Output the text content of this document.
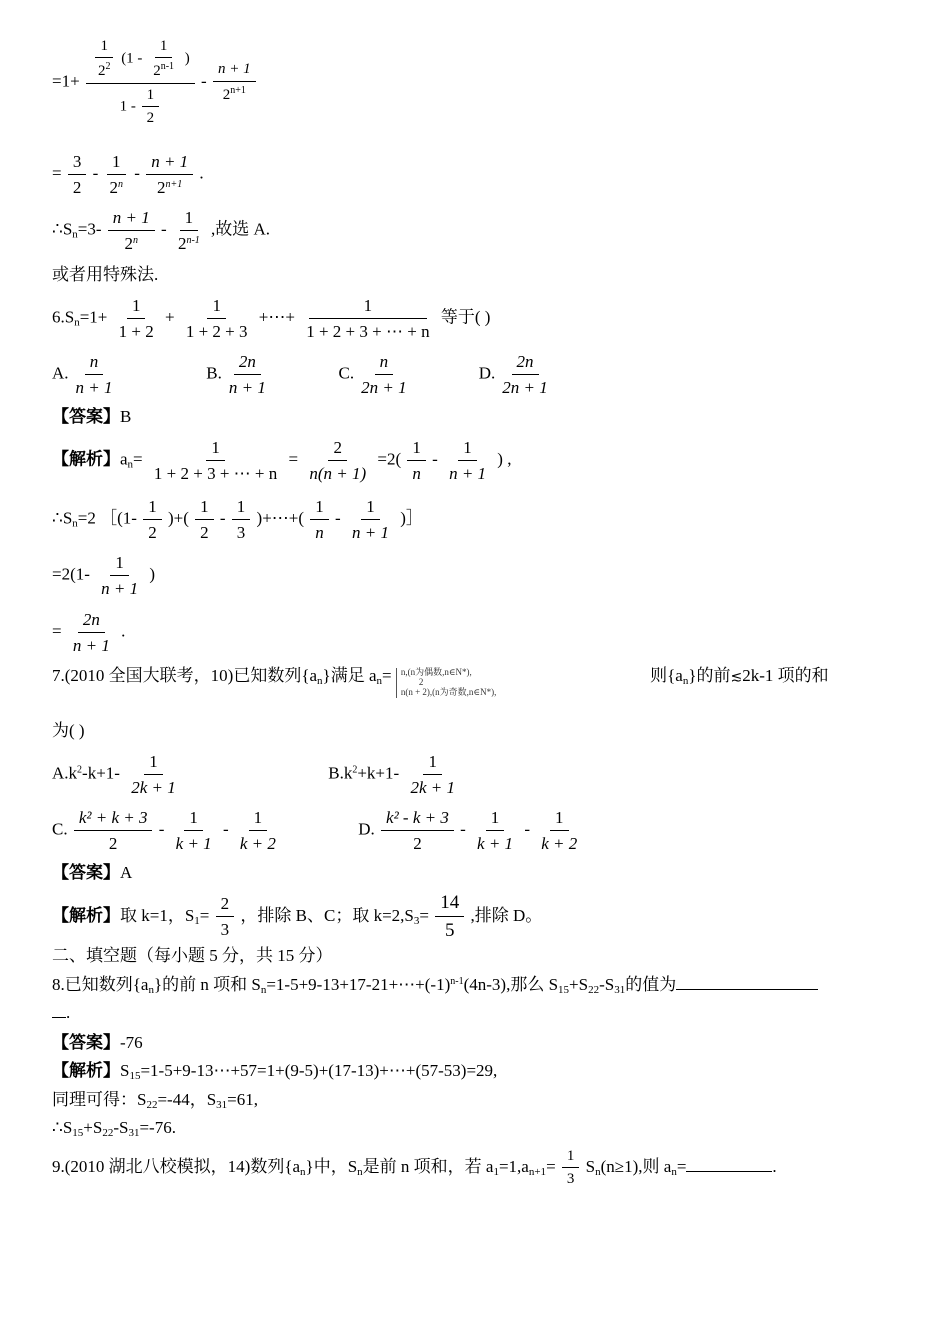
=1+
$\frac{1}{2^2} (1 - \frac{1}{2^{n-1}}$ )
$1 - \frac{1}{2}$
- $\frac{n + 1}{2^{n+1}}$
= $\frac{3}{2} - \frac{1}{2^n} - \frac{n + 1}{2^{n+1}}$ .
$\therefore S_n=3- \frac{n + 1}{2^n} - \frac{1}{2^{n-1}}$ ,故选 A.
或者用特殊法.
$6.S_n=1+ \frac{1}{1 + 2} + \frac{1}{1 + 2 + 3}$ +⋯+ $\frac{1}{1 + 2 + 3 + \cdots + n}$ 等于( )
A. $\frac{n}{n + 1}$	B. $\frac{2n}{n + 1}$	C. $\frac{n}{2n + 1}$	D. $\frac{2n}{2n + 1}$
【答案】B
【解析】$a_n= \frac{1}{1 + 2 + 3 + \cdots + n} = \frac{2}{n(n + 1)} =2( \frac{1}{n} - \frac{1}{n + 1}$ ) ,
$\therefore S_n=2$ ［(1- $\frac{1}{2}$ )+( $\frac{1}{2} - \frac{1}{3}$ )+⋯+( $\frac{1}{n} - \frac{1}{n + 1}$ )］
$=2(1- \frac{1}{n + 1}$ )
= $\frac{2n}{n + 1}$ .
7.(2010 全国大联考，10)已知数列$\{a_n\}$满足 $a_n= n,(n$为偶数,n∈N*),
2
n(n + 2),(n为奇数,n∈N*),
则$\{a_n\}$的前≲2k-1 项的和
为( )
$A.k^2-k+1- \frac{1}{2k + 1}$	$B.k^2+k+1- \frac{1}{2k + 1}$
C. $\frac{\text{k² + k + 3}}{2} - \frac{1}{k + 1} - \frac{1}{k + 2}$	D. $\frac{\text{k² - k + 3}}{2} - \frac{1}{k + 1} - \frac{1}{k + 2}$
【答案】A
【解析】取 k=1，$S_1= \frac{2}{3}$ ，排除 B、C；取 $k=2,S_3= \frac{14}{5}$ ,排除 D。
二、填空题（每小题 5 分，共 15 分）
8.已知数列$\{a_n\}$的前 n 项和 $S_n=1-5+9-13+17-21+\cdots+(-1)^{n-1}(4n-3)$,那么 $S_{15}+S_{22}-S_{31}$的值为
.
【答案】-76
【解析】$S_{15}=1-5+9-13\cdots+57=1+(9-5)+(17-13)+\cdots+(57-53)=29$,
同理可得：$S_{22}=-44$，$S_{31}=61$,
$\therefore S_{15}+S_{22}-S_{31}=-76$.
9.(2010 湖北八校模拟，14)数列$\{a_n\}$中，$S_n$是前 n 项和，若 $a_1=1,a_{n+1}= \frac{1}{3} S_n(n\ge 1)$,则 $a_n=$	.
